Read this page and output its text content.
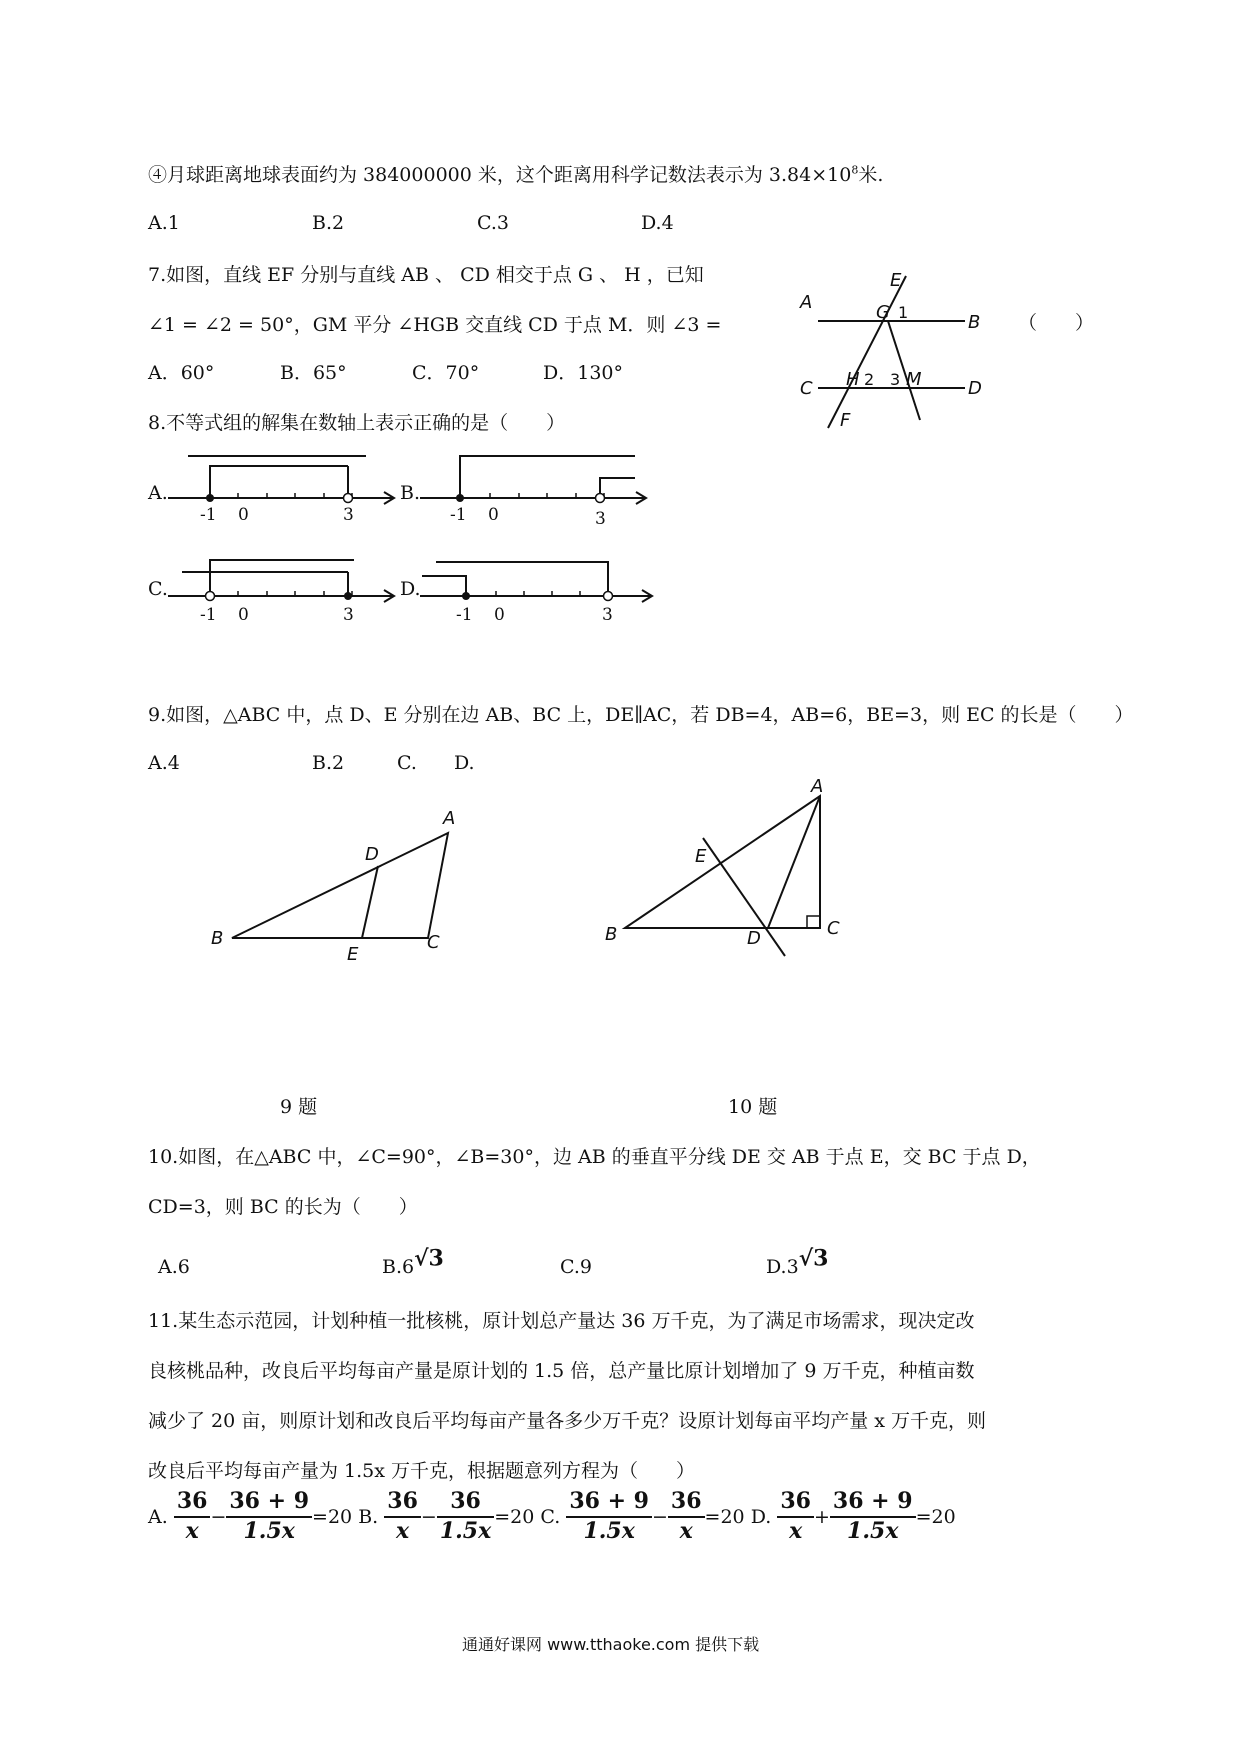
④月球距离地球表面约为 384000000 米，这个距离用科学记数法表示为 $3.84\times 10^8$米.
A.1	B.2	C.3	D.4
7.如图，直线 EF 分别与直线 AB 、 CD 相交于点 G 、 H ，已知
∠1 = ∠2 = 50°，GM 平分 ∠HGB 交直线 CD 于点 M．则 ∠3 =	（　　）
A．60°	B．65°	C．70°	D．130°
A
B
C	D
E
F
G
H	M
1
2 3
8.不等式组的解集在数轴上表示正确的是（　　）
A.
-1 0	3
B.
-1 0	3
C.
-1 0	3
D.
-1 0	3
9.如图，△ABC 中，点 D、E 分别在边 AB、BC 上，DE∥AC，若 DB=4，AB=6，BE=3，则 EC 的长是（　　）
A.4	B.2	C. D.
A
B	C
D
E
A
B	C
D
E
9 题	10 题
10.如图，在△ABC 中，∠C=90°，∠B=30°，边 AB 的垂直平分线 DE 交 AB 于点 E，交 BC 于点 D，
CD=3，则 BC 的长为（　　）
A.6	B.6√3	C.9	D.3√3
11.某生态示范园，计划种植一批核桃，原计划总产量达 36 万千克，为了满足市场需求，现决定改
良核桃品种，改良后平均每亩产量是原计划的 1.5 倍，总产量比原计划增加了 9 万千克，种植亩数
减少了 20 亩，则原计划和改良后平均每亩产量各多少万千克？设原计划每亩平均产量 x 万千克，则
改良后平均每亩产量为 1.5x 万千克，根据题意列方程为（　　）
A. $\frac{36}{x} - \frac{36 + 9}{1.5x} =20$ B. $\frac{36}{x} - \frac{36}{1.5x} =20$ C. $\frac{36 + 9}{1.5x} - \frac{36}{x} =20$ D. $\frac{36}{x} + \frac{36 + 9}{1.5x} =20$
通通好课网 www.tthaoke.com 提供下载
